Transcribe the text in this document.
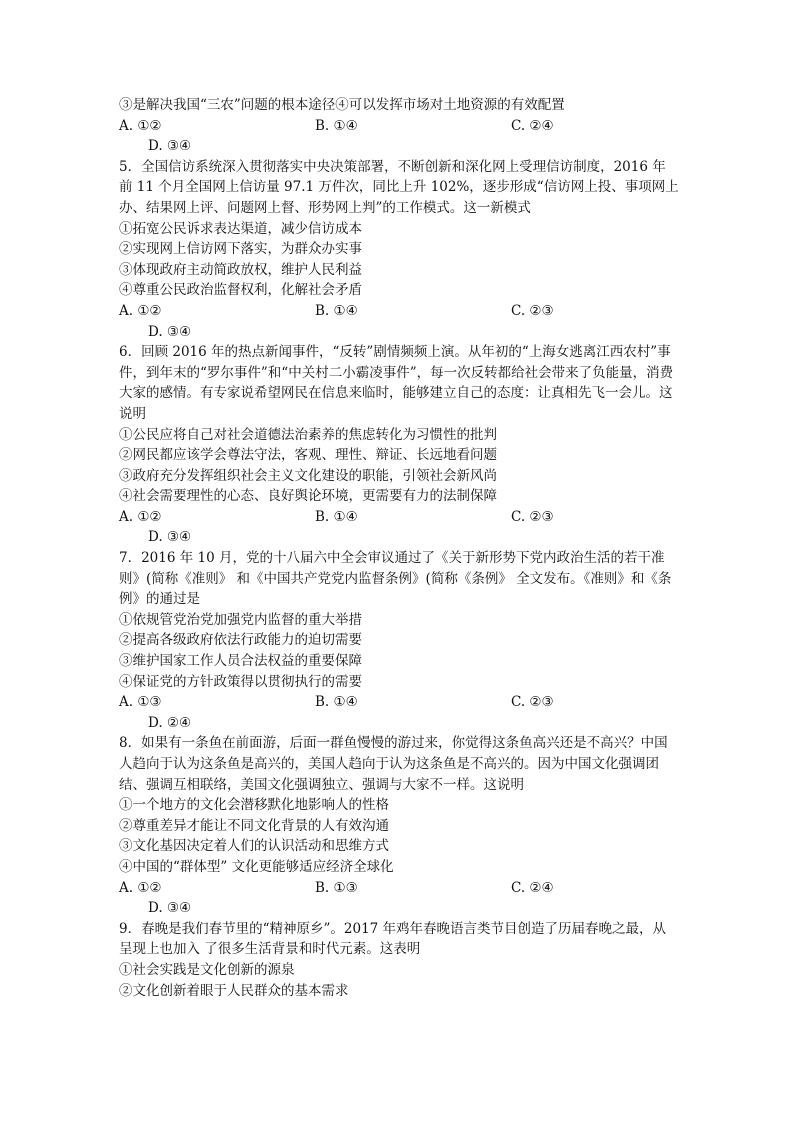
③是解决我国“三农”问题的根本途径④可以发挥市场对土地资源的有效配置
A. ①②	B. ①④	C. ②④
D. ③④
5．全国信访系统深入贯彻落实中央决策部署，不断创新和深化网上受理信访制度，2016 年前 11 个月全国网上信访量 97.1 万件次，同比上升 102%，逐步形成“信访网上投、事项网上办、结果网上评、问题网上督、形势网上判”的工作模式。这一新模式
①拓宽公民诉求表达渠道，减少信访成本
②实现网上信访网下落实，为群众办实事
③体现政府主动简政放权，维护人民利益
④尊重公民政治监督权利，化解社会矛盾
A. ①②	B. ①④	C. ②③
D. ③④
6．回顾 2016 年的热点新闻事件，“反转”剧情频频上演。从年初的“上海女逃离江西农村”事件，到年末的“罗尔事件”和“中关村二小霸凌事件”，每一次反转都给社会带来了负能量，消费大家的感情。有专家说希望网民在信息来临时，能够建立自己的态度：让真相先飞一会儿。这说明
①公民应将自己对社会道德法治素养的焦虑转化为习惯性的批判
②网民都应该学会尊法守法，客观、理性、辩证、长远地看问题
③政府充分发挥组织社会主义文化建设的职能，引领社会新风尚
④社会需要理性的心态、良好舆论环境，更需要有力的法制保障
A. ①②	B. ①④	C. ②③
D. ③④
7．2016 年 10 月，党的十八届六中全会审议通过了《关于新形势下党内政治生活的若干准则》(简称《准则》 和《中国共产党党内监督条例》(简称《条例》 全文发布。《准则》和《条例》的通过是
①依规管党治党加强党内监督的重大举措
②提高各级政府依法行政能力的迫切需要
③维护国家工作人员合法权益的重要保障
④保证党的方针政策得以贯彻执行的需要
A. ①③	B. ①④	C. ②③
D. ②④
8．如果有一条鱼在前面游，后面一群鱼慢慢的游过来，你觉得这条鱼高兴还是不高兴？中国人趋向于认为这条鱼是高兴的，美国人趋向于认为这条鱼是不高兴的。因为中国文化强调团结、强调互相联络，美国文化强调独立、强调与大家不一样。这说明
①一个地方的文化会潜移默化地影响人的性格
②尊重差异才能让不同文化背景的人有效沟通
③文化基因决定着人们的认识活动和思维方式
④中国的“群体型” 文化更能够适应经济全球化
A. ①②	B. ①③	C. ②④
D. ③④
9．春晚是我们春节里的“精神原乡”。2017 年鸡年春晚语言类节目创造了历届春晚之最，从呈现上也加入 了很多生活背景和时代元素。这表明
①社会实践是文化创新的源泉
②文化创新着眼于人民群众的基本需求
